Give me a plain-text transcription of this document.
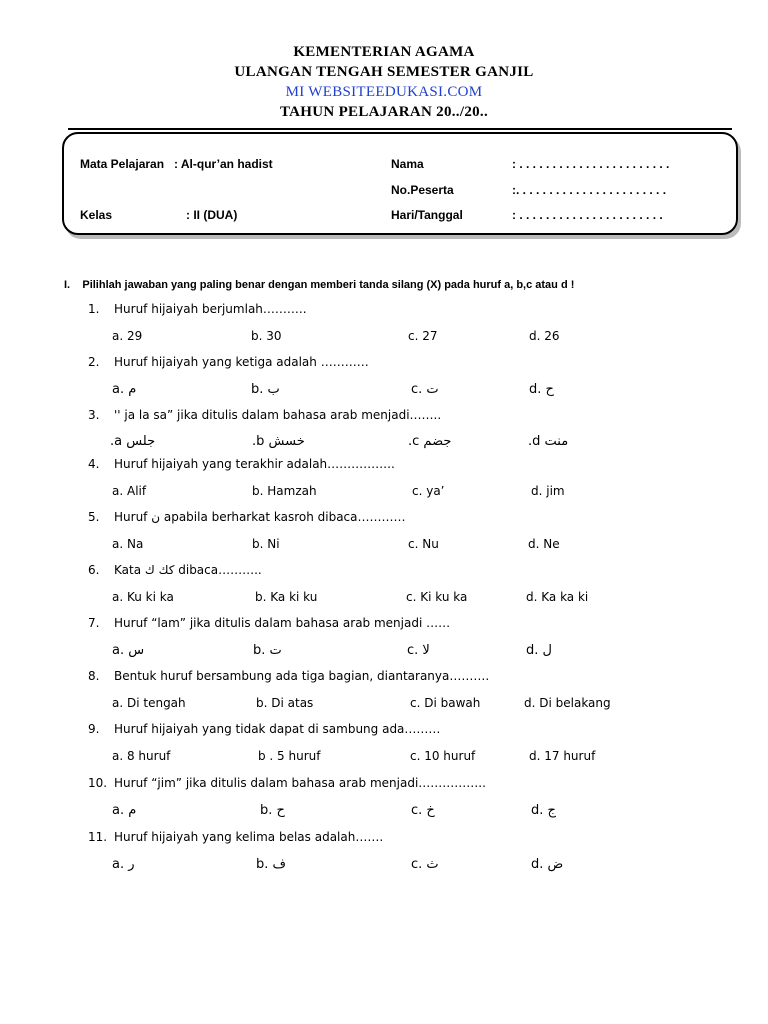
KEMENTERIAN AGAMA
ULANGAN TENGAH SEMESTER GANJIL
MI WEBSITEEDUKASI.COM
TAHUN PELAJARAN 20../20..
Mata Pelajaran : Al-qur’an hadist
Kelas	: II (DUA)
Nama	: . . . . . . . . . . . . . . . . . . . . . . .
No.Peserta	:. . . . . . . . . . . . . . . . . . . . . . .
Hari/Tanggal	: . . . . . . . . . . . . . . . . . . . . . .
I. Pilihlah jawaban yang paling benar dengan memberi tanda silang (X) pada huruf a, b,c atau d !
1. Huruf hijaiyah berjumlah………..
a. 29	b. 30	c. 27	d. 26
2. Huruf hijaiyah yang ketiga adalah …………
a. م	b. ب	c. ت	d. ح
3. '' ja la sa” jika ditulis dalam bahasa arab menjadi……..
.a جلس	.b خسش	.c جضم	.d منت
4. Huruf hijaiyah yang terakhir adalah……………..
a. Alif	b. Hamzah	c. ya’	d. jim
5. Huruf ن apabila berharkat kasroh dibaca…………
a. Na	b. Ni	c. Nu	d. Ne
6. Kata كك ك dibaca………..
a. Ku ki ka	b. Ka ki ku	c. Ki ku ka	d. Ka ka ki
7. Huruf “lam” jika ditulis dalam bahasa arab menjadi ……
a. س	b. ت	c. لا	d. ل
8. Bentuk huruf bersambung ada tiga bagian, diantaranya……….
a. Di tengah	b. Di atas	c. Di bawah	d. Di belakang
9. Huruf hijaiyah yang tidak dapat di sambung ada………
a. 8 huruf	b . 5 huruf	c. 10 huruf	d. 17 huruf
10. Huruf “jim” jika ditulis dalam bahasa arab menjadi……………..
a. م	b. ح	c. خ	d. ج
11. Huruf hijaiyah yang kelima belas adalah…….
a. ر	b. ف	c. ث	d. ض
